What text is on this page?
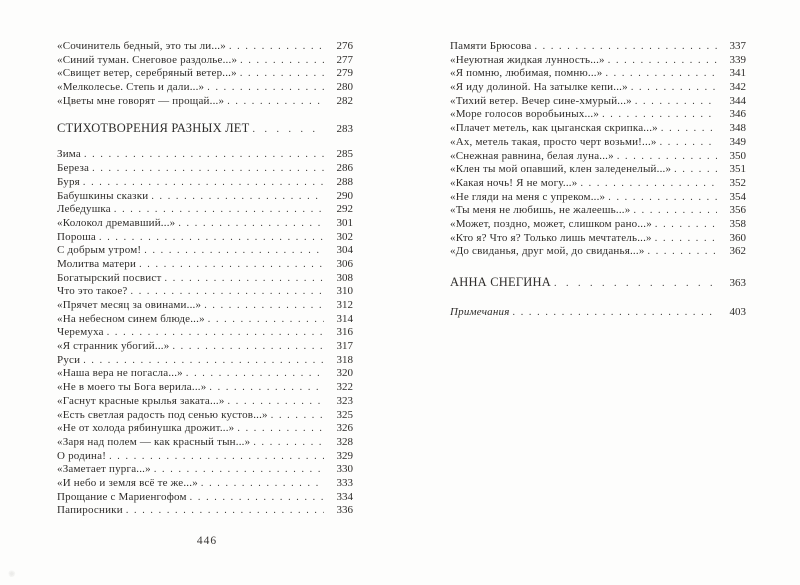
«Сочинитель бедный, это ты ли...» . . .	276
«Синий туман. Снеговое раздолье...» . . .	277
«Свищет ветер, серебряный ветер...» . . .	279
«Мелколесье. Степь и дали...» . . .	280
«Цветы мне говорят — прощай...» . . .	282
СТИХОТВОРЕНИЯ РАЗНЫХ ЛЕТ . . .	283
Зима . . .	285
Береза . . .	286
Буря . . .	288
Бабушкины сказки . . .	290
Лебедушка . . .	292
«Колокол дремавший...» . . .	301
Пороша . . .	302
С добрым утром! . . .	304
Молитва матери . . .	306
Богатырский посвист . . .	308
Что это такое? . . .	310
«Прячет месяц за овинами...» . . .	312
«На небесном синем блюде...» . . .	314
Черемуха . . .	316
«Я странник убогий...» . . .	317
Руси . . .	318
«Наша вера не погасла...» . . .	320
«Не в моего ты Бога верила...» . . .	322
«Гаснут красные крылья заката...» . . .	323
«Есть светлая радость под сенью кустов...» . . .	325
«Не от холода рябинушка дрожит...» . . .	326
«Заря над полем — как красный тын...» . . .	328
О родина! . . .	329
«Заметает пурга...» . . .	330
«И небо и земля всё те же...» . . .	333
Прощание с Мариенгофом . . .	334
Папиросники . . .	336
Памяти Брюсова . . .	337
«Неуютная жидкая лунность...» . . .	339
«Я помню, любимая, помню...» . . .	341
«Я иду долиной. На затылке кепи...» . . .	342
«Тихий ветер. Вечер сине-хмурый...» . . .	344
«Море голосов воробьиных...» . . .	346
«Плачет метель, как цыганская скрипка...» . . .	348
«Ах, метель такая, просто черт возьми!...» . . .	349
«Снежная равнина, белая луна...» . . .	350
«Клен ты мой опавший, клен заледенелый...» . . .	351
«Какая ночь! Я не могу...» . . .	352
«Не гляди на меня с упреком...» . . .	354
«Ты меня не любишь, не жалеешь...» . . .	356
«Может, поздно, может, слишком рано...» . . .	358
«Кто я? Что я? Только лишь мечтатель...» . . .	360
«До свиданья, друг мой, до свиданья...» . . .	362
АННА СНЕГИНА . . .	363
Примечания . . .	403
446
✺
